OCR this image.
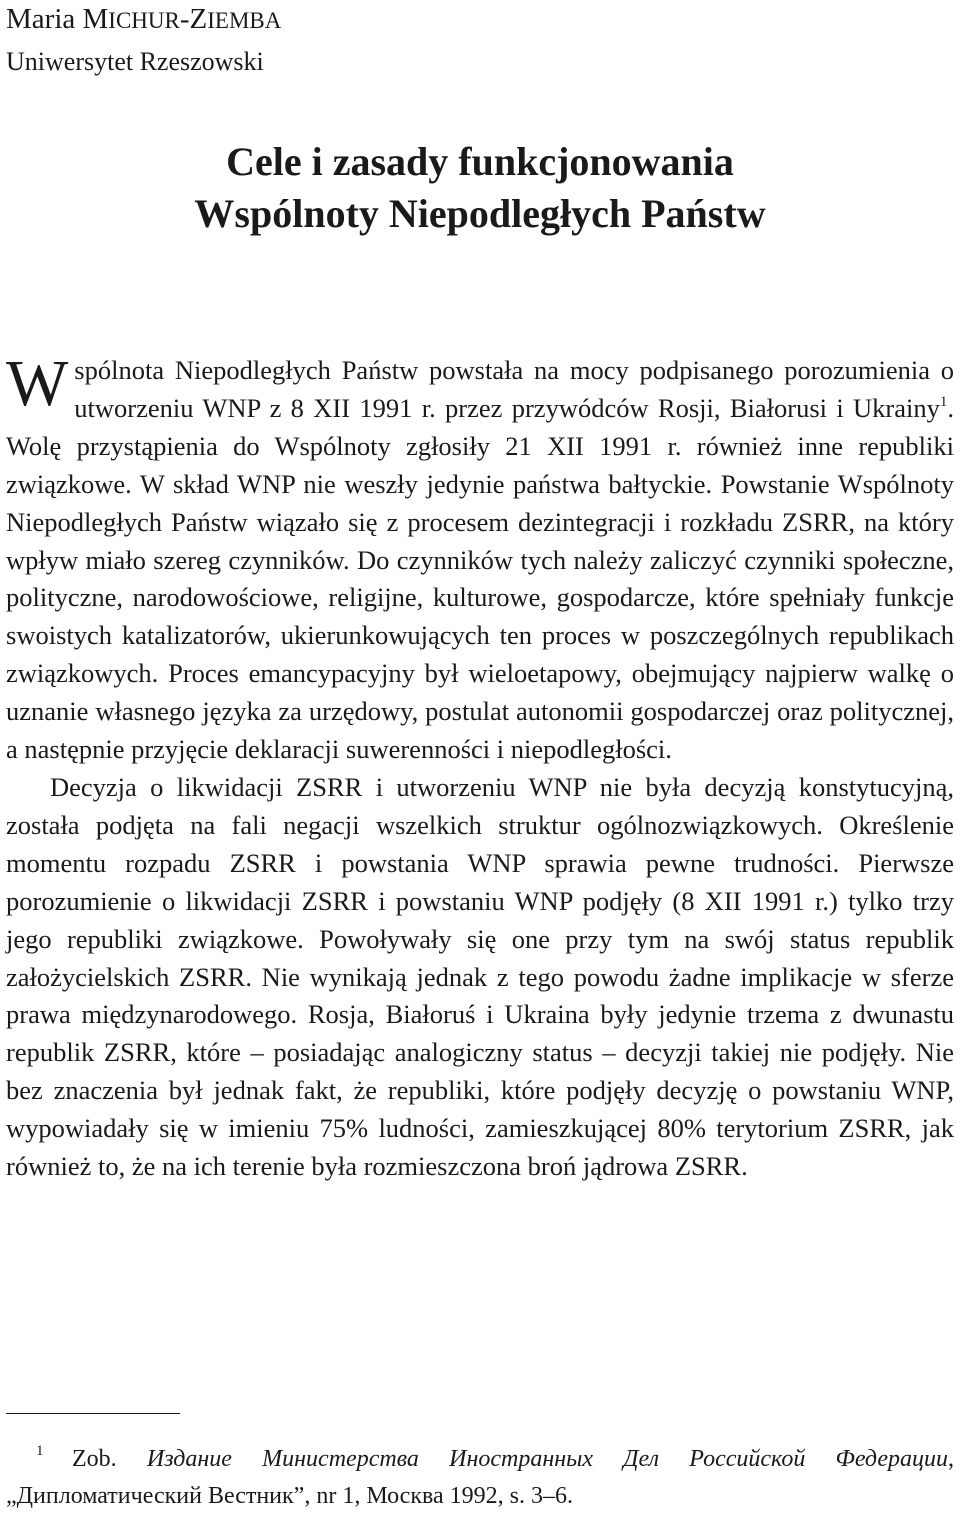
Maria MICHUR-ZIEMBA
Uniwersytet Rzeszowski
Cele i zasady funkcjonowania
Wspólnoty Niepodległych Państw

Wspólnota Niepodległych Państw powstała na mocy podpisanego porozumienia o utworzeniu WNP z 8 XII 1991 r. przez przywódców Rosji, Białorusi i Ukrainy$^1$. Wolę przystąpienia do Wspólnoty zgłosiły 21 XII 1991 r. również inne republiki związkowe. W skład WNP nie weszły jedynie państwa bałtyckie. Powstanie Wspólnoty Niepodległych Państw wiązało się z procesem dezintegracji i rozkładu ZSRR, na który wpływ miało szereg czynników. Do czynników tych należy zaliczyć czynniki społeczne, polityczne, narodowościowe, religijne, kulturowe, gospodarcze, które spełniały funkcje swoistych katalizatorów, ukierunkowujących ten proces w poszczególnych republikach związkowych. Proces emancypacyjny był wieloetapowy, obejmujący najpierw walkę o uznanie własnego języka za urzędowy, postulat autonomii gospodarczej oraz politycznej, a następnie przyjęcie deklaracji suwerenności i niepodległości.

Decyzja o likwidacji ZSRR i utworzeniu WNP nie była decyzją konstytucyjną, została podjęta na fali negacji wszelkich struktur ogólnozwiązkowych. Określenie momentu rozpadu ZSRR i powstania WNP sprawia pewne trudności. Pierwsze porozumienie o likwidacji ZSRR i powstaniu WNP podjęły (8 XII 1991 r.) tylko trzy jego republiki związkowe. Powoływały się one przy tym na swój status republik założycielskich ZSRR. Nie wynikają jednak z tego powodu żadne implikacje w sferze prawa międzynarodowego. Rosja, Białoruś i Ukraina były jedynie trzema z dwunastu republik ZSRR, które – posiadając analogiczny status – decyzji takiej nie podjęły. Nie bez znaczenia był jednak fakt, że republiki, które podjęły decyzję o powstaniu WNP, wypowiadały się w imieniu 75% ludności, zamieszkującej 80% terytorium ZSRR, jak również to, że na ich terenie była rozmieszczona broń jądrowa ZSRR.

1 Zob. Издание Министерства Иностранных Дел Российской Федерации, „Дипломатический Вестник”, nr 1, Москва 1992, s. 3–6.
